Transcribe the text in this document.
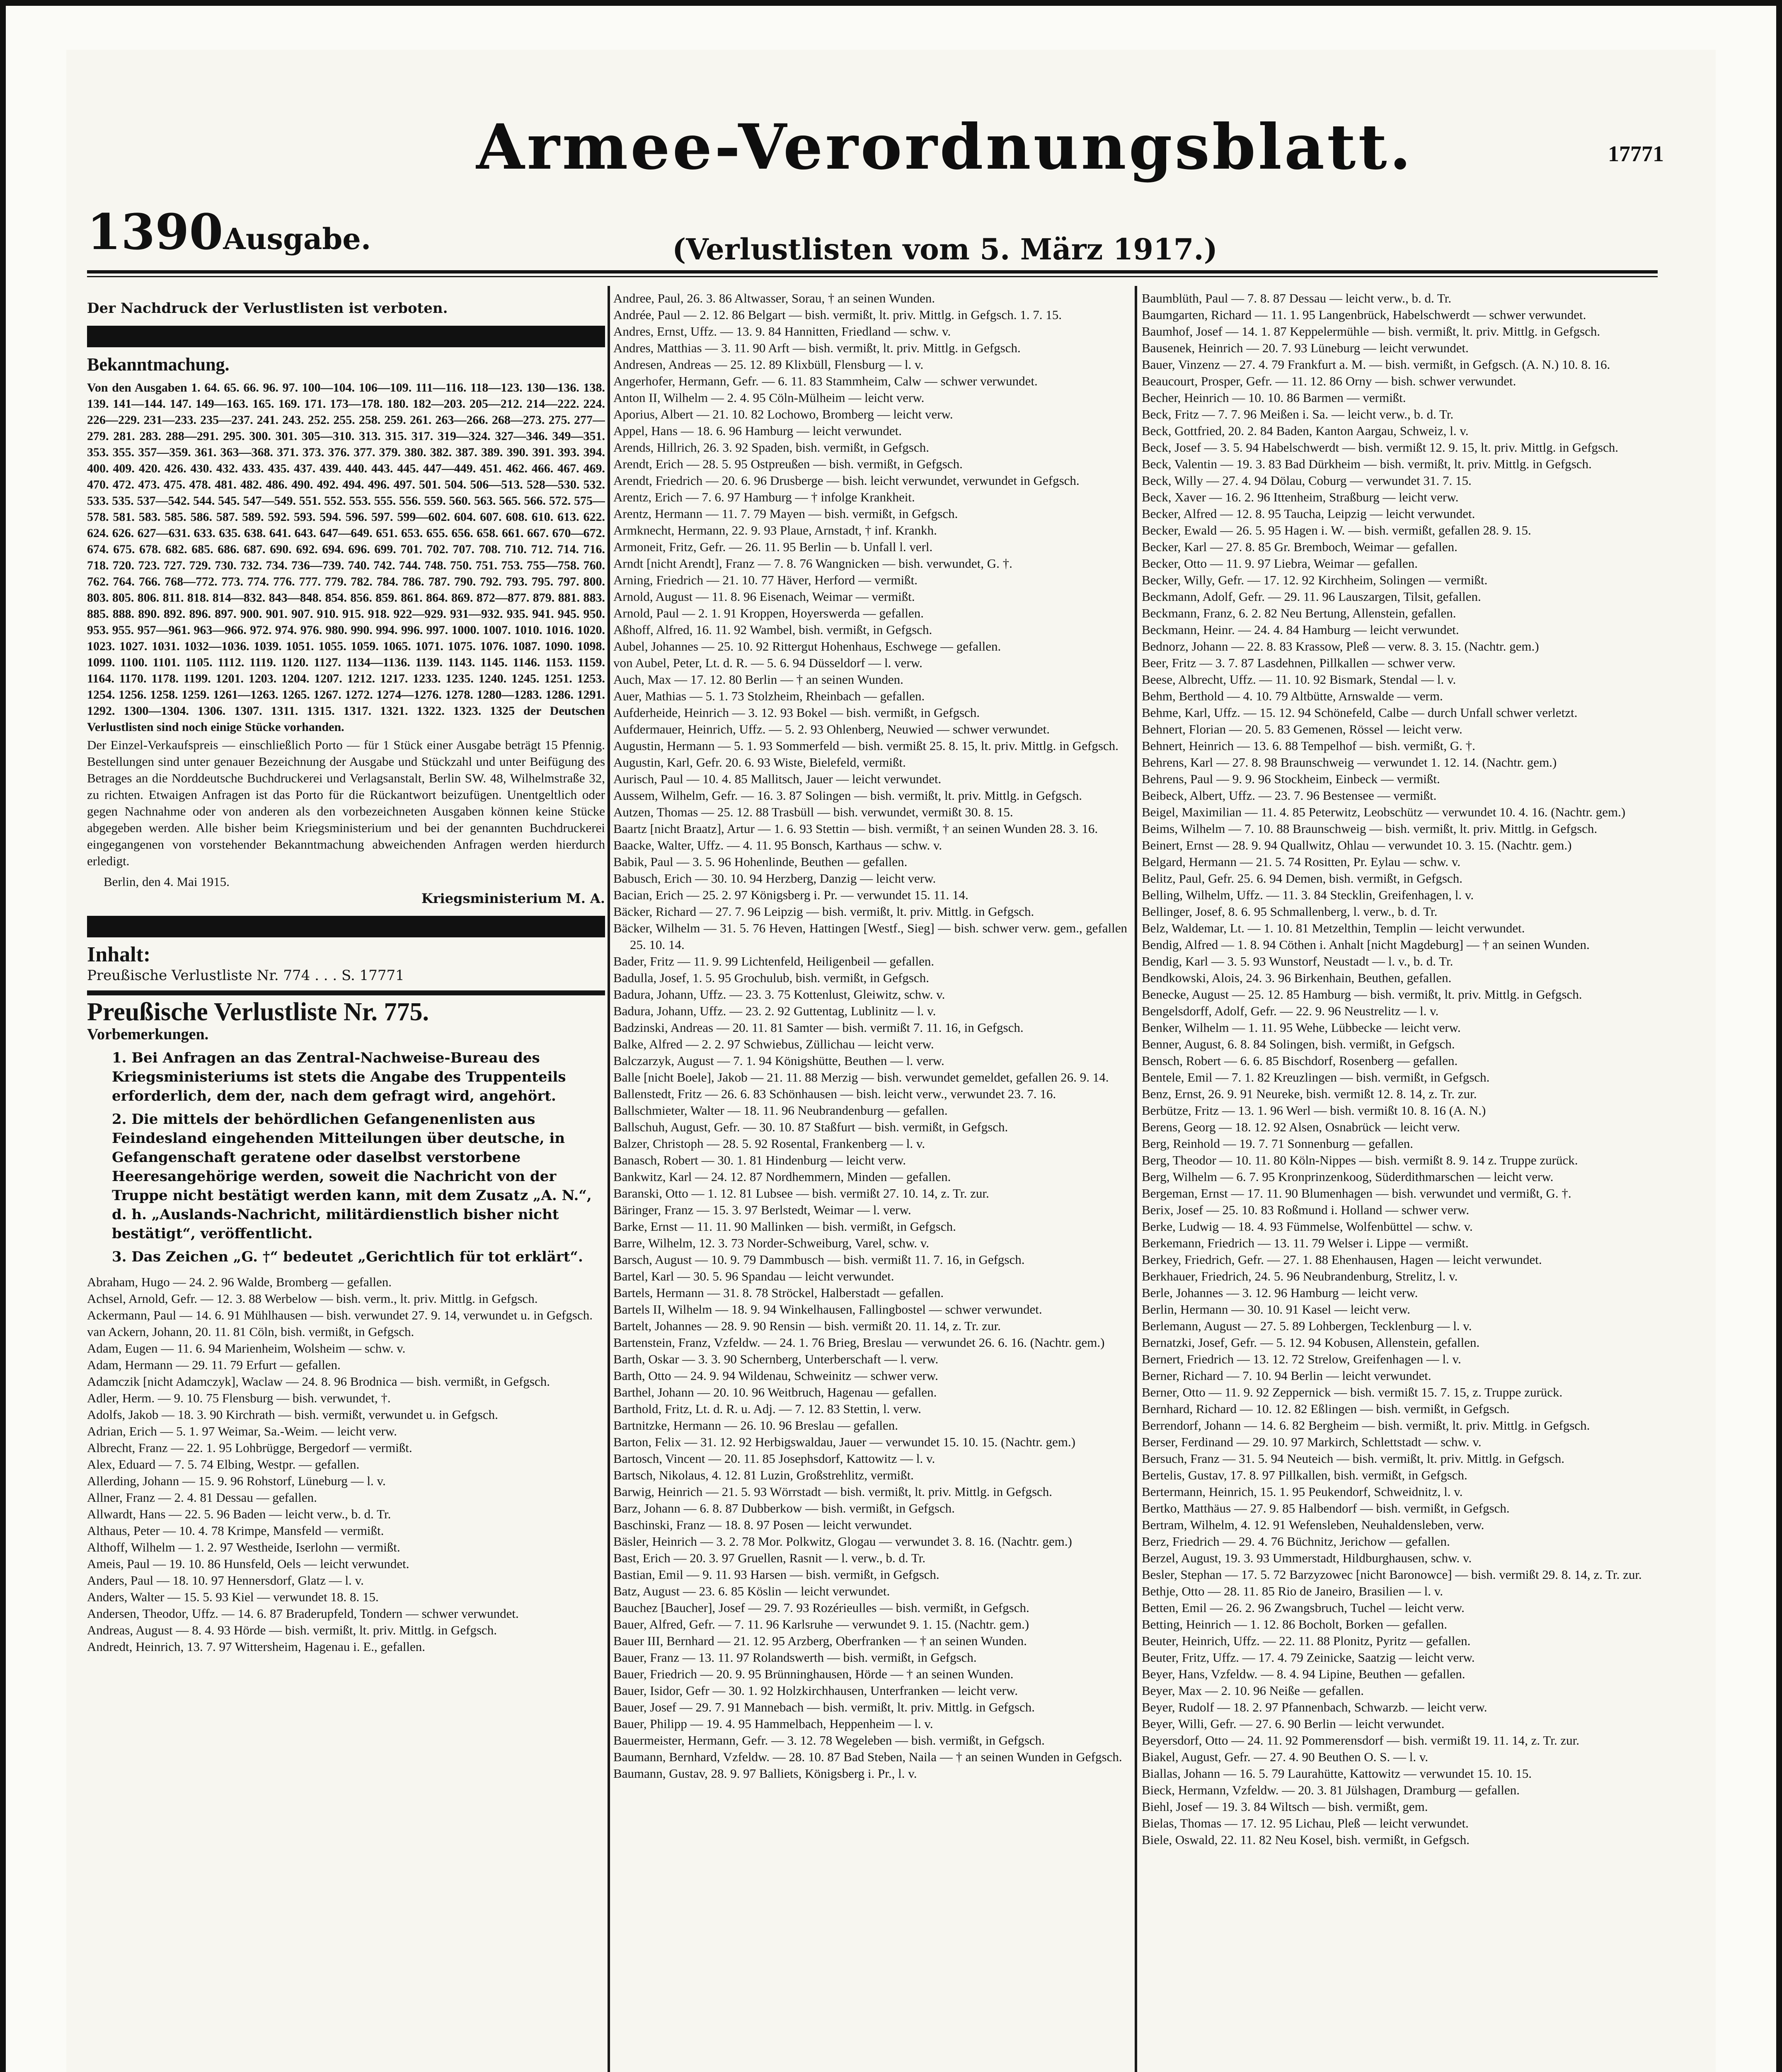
1390Ausgabe.
Armee-Verordnungsblatt.
(Verlustlisten vom 5. März 1917.)
17771

Der Nachdruck der Verlustlisten ist verboten.

Bekanntmachung.

Von den Ausgaben 1. 64. 65. 66. 96. 97. 100—104. 106—109. 111—116. 118—123. 130—136. 138. 139. 141—144. 147. 149—163. 165. 169. 171. 173—178. 180. 182—203. 205—212. 214—222. 224. 226—229. 231—233. 235—237. 241. 243. 252. 255. 258. 259. 261. 263—266. 268—273. 275. 277—279. 281. 283. 288—291. 295. 300. 301. 305—310. 313. 315. 317. 319—324. 327—346. 349—351. 353. 355. 357—359. 361. 363—368. 371. 373. 376. 377. 379. 380. 382. 387. 389. 390. 391. 393. 394. 400. 409. 420. 426. 430. 432. 433. 435. 437. 439. 440. 443. 445. 447—449. 451. 462. 466. 467. 469. 470. 472. 473. 475. 478. 481. 482. 486. 490. 492. 494. 496. 497. 501. 504. 506—513. 528—530. 532. 533. 535. 537—542. 544. 545. 547—549. 551. 552. 553. 555. 556. 559. 560. 563. 565. 566. 572. 575—578. 581. 583. 585. 586. 587. 589. 592. 593. 594. 596. 597. 599—602. 604. 607. 608. 610. 613. 622. 624. 626. 627—631. 633. 635. 638. 641. 643. 647—649. 651. 653. 655. 656. 658. 661. 667. 670—672. 674. 675. 678. 682. 685. 686. 687. 690. 692. 694. 696. 699. 701. 702. 707. 708. 710. 712. 714. 716. 718. 720. 723. 727. 729. 730. 732. 734. 736—739. 740. 742. 744. 748. 750. 751. 753. 755—758. 760. 762. 764. 766. 768—772. 773. 774. 776. 777. 779. 782. 784. 786. 787. 790. 792. 793. 795. 797. 800. 803. 805. 806. 811. 818. 814—832. 843—848. 854. 856. 859. 861. 864. 869. 872—877. 879. 881. 883. 885. 888. 890. 892. 896. 897. 900. 901. 907. 910. 915. 918. 922—929. 931—932. 935. 941. 945. 950. 953. 955. 957—961. 963—966. 972. 974. 976. 980. 990. 994. 996. 997. 1000. 1007. 1010. 1016. 1020. 1023. 1027. 1031. 1032—1036. 1039. 1051. 1055. 1059. 1065. 1071. 1075. 1076. 1087. 1090. 1098. 1099. 1100. 1101. 1105. 1112. 1119. 1120. 1127. 1134—1136. 1139. 1143. 1145. 1146. 1153. 1159. 1164. 1170. 1178. 1199. 1201. 1203. 1204. 1207. 1212. 1217. 1233. 1235. 1240. 1245. 1251. 1253. 1254. 1256. 1258. 1259. 1261—1263. 1265. 1267. 1272. 1274—1276. 1278. 1280—1283. 1286. 1291. 1292. 1300—1304. 1306. 1307. 1311. 1315. 1317. 1321. 1322. 1323. 1325 der Deutschen Verlustlisten sind noch einige Stücke vorhanden.

Der Einzel-Verkaufspreis — einschließlich Porto — für 1 Stück einer Ausgabe beträgt 15 Pfennig. Bestellungen sind unter genauer Bezeichnung der Ausgabe und Stückzahl und unter Beifügung des Betrages an die Norddeutsche Buchdruckerei und Verlagsanstalt, Berlin SW. 48, Wilhelmstraße 32, zu richten. Etwaigen Anfragen ist das Porto für die Rückantwort beizufügen. Unentgeltlich oder gegen Nachnahme oder von anderen als den vorbezeichneten Ausgaben können keine Stücke abgegeben werden. Alle bisher beim Kriegsministerium und bei der genannten Buchdruckerei eingegangenen von vorstehender Bekanntmachung abweichenden Anfragen werden hierdurch erledigt.

Berlin, den 4. Mai 1915.

Kriegsministerium M. A.

Inhalt:

Preußische Verlustliste Nr. 774 . . . S. 17771

Preußische Verlustliste Nr. 775.

Vorbemerkungen.

1. Bei Anfragen an das Zentral-Nachweise-Bureau des Kriegsministeriums ist stets die Angabe des Truppenteils erforderlich, dem der, nach dem gefragt wird, angehört.
2. Die mittels der behördlichen Gefangenenlisten aus Feindesland eingehenden Mitteilungen über deutsche, in Gefangenschaft geratene oder daselbst verstorbene Heeresangehörige werden, soweit die Nachricht von der Truppe nicht bestätigt werden kann, mit dem Zusatz „A. N.“, d. h. „Auslands-Nachricht, militärdienstlich bisher nicht bestätigt“, veröffentlicht.
3. Das Zeichen „G. †“ bedeutet „Gerichtlich für tot erklärt“.

Abraham, Hugo — 24. 2. 96 Walde, Bromberg — gefallen.

Achsel, Arnold, Gefr. — 12. 3. 88 Werbelow — bish. verm., lt. priv. Mittlg. in Gefgsch.

Ackermann, Paul — 14. 6. 91 Mühlhausen — bish. verwundet 27. 9. 14, verwundet u. in Gefgsch.

van Ackern, Johann, 20. 11. 81 Cöln, bish. vermißt, in Gefgsch.

Adam, Eugen — 11. 6. 94 Marienheim, Wolsheim — schw. v.

Adam, Hermann — 29. 11. 79 Erfurt — gefallen.

Adamczik [nicht Adamczyk], Waclaw — 24. 8. 96 Brodnica — bish. vermißt, in Gefgsch.

Adler, Herm. — 9. 10. 75 Flensburg — bish. verwundet, †.

Adolfs, Jakob — 18. 3. 90 Kirchrath — bish. vermißt, verwundet u. in Gefgsch.

Adrian, Erich — 5. 1. 97 Weimar, Sa.-Weim. — leicht verw.

Albrecht, Franz — 22. 1. 95 Lohbrügge, Bergedorf — vermißt.

Alex, Eduard — 7. 5. 74 Elbing, Westpr. — gefallen.

Allerding, Johann — 15. 9. 96 Rohstorf, Lüneburg — l. v.

Allner, Franz — 2. 4. 81 Dessau — gefallen.

Allwardt, Hans — 22. 5. 96 Baden — leicht verw., b. d. Tr.

Althaus, Peter — 10. 4. 78 Krimpe, Mansfeld — vermißt.

Althoff, Wilhelm — 1. 2. 97 Westheide, Iserlohn — vermißt.

Ameis, Paul — 19. 10. 86 Hunsfeld, Oels — leicht verwundet.

Anders, Paul — 18. 10. 97 Hennersdorf, Glatz — l. v.

Anders, Walter — 15. 5. 93 Kiel — verwundet 18. 8. 15.

Andersen, Theodor, Uffz. — 14. 6. 87 Braderupfeld, Tondern — schwer verwundet.

Andreas, August — 8. 4. 93 Hörde — bish. vermißt, lt. priv. Mittlg. in Gefgsch.

Andredt, Heinrich, 13. 7. 97 Wittersheim, Hagenau i. E., gefallen.

Andree, Paul, 26. 3. 86 Altwasser, Sorau, † an seinen Wunden.

Andrée, Paul — 2. 12. 86 Belgart — bish. vermißt, lt. priv. Mittlg. in Gefgsch. 1. 7. 15.

Andres, Ernst, Uffz. — 13. 9. 84 Hannitten, Friedland — schw. v.

Andres, Matthias — 3. 11. 90 Arft — bish. vermißt, lt. priv. Mittlg. in Gefgsch.

Andresen, Andreas — 25. 12. 89 Klixbüll, Flensburg — l. v.

Angerhofer, Hermann, Gefr. — 6. 11. 83 Stammheim, Calw — schwer verwundet.

Anton II, Wilhelm — 2. 4. 95 Cöln-Mülheim — leicht verw.

Aporius, Albert — 21. 10. 82 Lochowo, Bromberg — leicht verw.

Appel, Hans — 18. 6. 96 Hamburg — leicht verwundet.

Arends, Hillrich, 26. 3. 92 Spaden, bish. vermißt, in Gefgsch.

Arendt, Erich — 28. 5. 95 Ostpreußen — bish. vermißt, in Gefgsch.

Arendt, Friedrich — 20. 6. 96 Drusberge — bish. leicht verwundet, verwundet in Gefgsch.

Arentz, Erich — 7. 6. 97 Hamburg — † infolge Krankheit.

Arentz, Hermann — 11. 7. 79 Mayen — bish. vermißt, in Gefgsch.

Armknecht, Hermann, 22. 9. 93 Plaue, Arnstadt, † inf. Krankh.

Armoneit, Fritz, Gefr. — 26. 11. 95 Berlin — b. Unfall l. verl.

Arndt [nicht Arendt], Franz — 7. 8. 76 Wangnicken — bish. verwundet, G. †.

Arning, Friedrich — 21. 10. 77 Häver, Herford — vermißt.

Arnold, August — 11. 8. 96 Eisenach, Weimar — vermißt.

Arnold, Paul — 2. 1. 91 Kroppen, Hoyerswerda — gefallen.

Aßhoff, Alfred, 16. 11. 92 Wambel, bish. vermißt, in Gefgsch.

Aubel, Johannes — 25. 10. 92 Rittergut Hohenhaus, Eschwege — gefallen.

von Aubel, Peter, Lt. d. R. — 5. 6. 94 Düsseldorf — l. verw.

Auch, Max — 17. 12. 80 Berlin — † an seinen Wunden.

Auer, Mathias — 5. 1. 73 Stolzheim, Rheinbach — gefallen.

Aufderheide, Heinrich — 3. 12. 93 Bokel — bish. vermißt, in Gefgsch.

Aufdermauer, Heinrich, Uffz. — 5. 2. 93 Ohlenberg, Neuwied — schwer verwundet.

Augustin, Hermann — 5. 1. 93 Sommerfeld — bish. vermißt 25. 8. 15, lt. priv. Mittlg. in Gefgsch.

Augustin, Karl, Gefr. 20. 6. 93 Wiste, Bielefeld, vermißt.

Aurisch, Paul — 10. 4. 85 Mallitsch, Jauer — leicht verwundet.

Aussem, Wilhelm, Gefr. — 16. 3. 87 Solingen — bish. vermißt, lt. priv. Mittlg. in Gefgsch.

Autzen, Thomas — 25. 12. 88 Trasbüll — bish. verwundet, vermißt 30. 8. 15.

Baartz [nicht Braatz], Artur — 1. 6. 93 Stettin — bish. vermißt, † an seinen Wunden 28. 3. 16.

Baacke, Walter, Uffz. — 4. 11. 95 Bonsch, Karthaus — schw. v.

Babik, Paul — 3. 5. 96 Hohenlinde, Beuthen — gefallen.

Babusch, Erich — 30. 10. 94 Herzberg, Danzig — leicht verw.

Bacian, Erich — 25. 2. 97 Königsberg i. Pr. — verwundet 15. 11. 14.

Bäcker, Richard — 27. 7. 96 Leipzig — bish. vermißt, lt. priv. Mittlg. in Gefgsch.

Bäcker, Wilhelm — 31. 5. 76 Heven, Hattingen [Westf., Sieg] — bish. schwer verw. gem., gefallen 25. 10. 14.

Bader, Fritz — 11. 9. 99 Lichtenfeld, Heiligenbeil — gefallen.

Badulla, Josef, 1. 5. 95 Grochulub, bish. vermißt, in Gefgsch.

Badura, Johann, Uffz. — 23. 3. 75 Kottenlust, Gleiwitz, schw. v.

Badura, Johann, Uffz. — 23. 2. 92 Guttentag, Lublinitz — l. v.

Badzinski, Andreas — 20. 11. 81 Samter — bish. vermißt 7. 11. 16, in Gefgsch.

Balke, Alfred — 2. 2. 97 Schwiebus, Züllichau — leicht verw.

Balczarzyk, August — 7. 1. 94 Königshütte, Beuthen — l. verw.

Balle [nicht Boele], Jakob — 21. 11. 88 Merzig — bish. verwundet gemeldet, gefallen 26. 9. 14.

Ballenstedt, Fritz — 26. 6. 83 Schönhausen — bish. leicht verw., verwundet 23. 7. 16.

Ballschmieter, Walter — 18. 11. 96 Neubrandenburg — gefallen.

Ballschuh, August, Gefr. — 30. 10. 87 Staßfurt — bish. vermißt, in Gefgsch.

Balzer, Christoph — 28. 5. 92 Rosental, Frankenberg — l. v.

Banasch, Robert — 30. 1. 81 Hindenburg — leicht verw.

Bankwitz, Karl — 24. 12. 87 Nordhemmern, Minden — gefallen.

Baranski, Otto — 1. 12. 81 Lubsee — bish. vermißt 27. 10. 14, z. Tr. zur.

Bäringer, Franz — 15. 3. 97 Berlstedt, Weimar — l. verw.

Barke, Ernst — 11. 11. 90 Mallinken — bish. vermißt, in Gefgsch.

Barre, Wilhelm, 12. 3. 73 Norder-Schweiburg, Varel, schw. v.

Barsch, August — 10. 9. 79 Dammbusch — bish. vermißt 11. 7. 16, in Gefgsch.

Bartel, Karl — 30. 5. 96 Spandau — leicht verwundet.

Bartels, Hermann — 31. 8. 78 Ströckel, Halberstadt — gefallen.

Bartels II, Wilhelm — 18. 9. 94 Winkelhausen, Fallingbostel — schwer verwundet.

Bartelt, Johannes — 28. 9. 90 Rensin — bish. vermißt 20. 11. 14, z. Tr. zur.

Bartenstein, Franz, Vzfeldw. — 24. 1. 76 Brieg, Breslau — verwundet 26. 6. 16. (Nachtr. gem.)

Barth, Oskar — 3. 3. 90 Schernberg, Unterberschaft — l. verw.

Barth, Otto — 24. 9. 94 Wildenau, Schweinitz — schwer verw.

Barthel, Johann — 20. 10. 96 Weitbruch, Hagenau — gefallen.

Barthold, Fritz, Lt. d. R. u. Adj. — 7. 12. 83 Stettin, l. verw.

Bartnitzke, Hermann — 26. 10. 96 Breslau — gefallen.

Barton, Felix — 31. 12. 92 Herbigswaldau, Jauer — verwundet 15. 10. 15. (Nachtr. gem.)

Bartosch, Vincent — 20. 11. 85 Josephsdorf, Kattowitz — l. v.

Bartsch, Nikolaus, 4. 12. 81 Luzin, Großstrehlitz, vermißt.

Barwig, Heinrich — 21. 5. 93 Wörrstadt — bish. vermißt, lt. priv. Mittlg. in Gefgsch.

Barz, Johann — 6. 8. 87 Dubberkow — bish. vermißt, in Gefgsch.

Baschinski, Franz — 18. 8. 97 Posen — leicht verwundet.

Bäsler, Heinrich — 3. 2. 78 Mor. Polkwitz, Glogau — verwundet 3. 8. 16. (Nachtr. gem.)

Bast, Erich — 20. 3. 97 Gruellen, Rasnit — l. verw., b. d. Tr.

Bastian, Emil — 9. 11. 93 Harsen — bish. vermißt, in Gefgsch.

Batz, August — 23. 6. 85 Köslin — leicht verwundet.

Bauchez [Baucher], Josef — 29. 7. 93 Rozérieulles — bish. vermißt, in Gefgsch.

Bauer, Alfred, Gefr. — 7. 11. 96 Karlsruhe — verwundet 9. 1. 15. (Nachtr. gem.)

Bauer III, Bernhard — 21. 12. 95 Arzberg, Oberfranken — † an seinen Wunden.

Bauer, Franz — 13. 11. 97 Rolandswerth — bish. vermißt, in Gefgsch.

Bauer, Friedrich — 20. 9. 95 Brünninghausen, Hörde — † an seinen Wunden.

Bauer, Isidor, Gefr — 30. 1. 92 Holzkirchhausen, Unterfranken — leicht verw.

Bauer, Josef — 29. 7. 91 Mannebach — bish. vermißt, lt. priv. Mittlg. in Gefgsch.

Bauer, Philipp — 19. 4. 95 Hammelbach, Heppenheim — l. v.

Bauermeister, Hermann, Gefr. — 3. 12. 78 Wegeleben — bish. vermißt, in Gefgsch.

Baumann, Bernhard, Vzfeldw. — 28. 10. 87 Bad Steben, Naila — † an seinen Wunden in Gefgsch.

Baumann, Gustav, 28. 9. 97 Balliets, Königsberg i. Pr., l. v.

Baumblüth, Paul — 7. 8. 87 Dessau — leicht verw., b. d. Tr.

Baumgarten, Richard — 11. 1. 95 Langenbrück, Habelschwerdt — schwer verwundet.

Baumhof, Josef — 14. 1. 87 Keppelermühle — bish. vermißt, lt. priv. Mittlg. in Gefgsch.

Bausenek, Heinrich — 20. 7. 93 Lüneburg — leicht verwundet.

Bauer, Vinzenz — 27. 4. 79 Frankfurt a. M. — bish. vermißt, in Gefgsch. (A. N.) 10. 8. 16.

Beaucourt, Prosper, Gefr. — 11. 12. 86 Orny — bish. schwer verwundet.

Becher, Heinrich — 10. 10. 86 Barmen — vermißt.

Beck, Fritz — 7. 7. 96 Meißen i. Sa. — leicht verw., b. d. Tr.

Beck, Gottfried, 20. 2. 84 Baden, Kanton Aargau, Schweiz, l. v.

Beck, Josef — 3. 5. 94 Habelschwerdt — bish. vermißt 12. 9. 15, lt. priv. Mittlg. in Gefgsch.

Beck, Valentin — 19. 3. 83 Bad Dürkheim — bish. vermißt, lt. priv. Mittlg. in Gefgsch.

Beck, Willy — 27. 4. 94 Dölau, Coburg — verwundet 31. 7. 15.

Beck, Xaver — 16. 2. 96 Ittenheim, Straßburg — leicht verw.

Becker, Alfred — 12. 8. 95 Taucha, Leipzig — leicht verwundet.

Becker, Ewald — 26. 5. 95 Hagen i. W. — bish. vermißt, gefallen 28. 9. 15.

Becker, Karl — 27. 8. 85 Gr. Bremboch, Weimar — gefallen.

Becker, Otto — 11. 9. 97 Liebra, Weimar — gefallen.

Becker, Willy, Gefr. — 17. 12. 92 Kirchheim, Solingen — vermißt.

Beckmann, Adolf, Gefr. — 29. 11. 96 Lauszargen, Tilsit, gefallen.

Beckmann, Franz, 6. 2. 82 Neu Bertung, Allenstein, gefallen.

Beckmann, Heinr. — 24. 4. 84 Hamburg — leicht verwundet.

Bednorz, Johann — 22. 8. 83 Krassow, Pleß — verw. 8. 3. 15. (Nachtr. gem.)

Beer, Fritz — 3. 7. 87 Lasdehnen, Pillkallen — schwer verw.

Beese, Albrecht, Uffz. — 11. 10. 92 Bismark, Stendal — l. v.

Behm, Berthold — 4. 10. 79 Altbütte, Arnswalde — verm.

Behme, Karl, Uffz. — 15. 12. 94 Schönefeld, Calbe — durch Unfall schwer verletzt.

Behnert, Florian — 20. 5. 83 Gemenen, Rössel — leicht verw.

Behnert, Heinrich — 13. 6. 88 Tempelhof — bish. vermißt, G. †.

Behrens, Karl — 27. 8. 98 Braunschweig — verwundet 1. 12. 14. (Nachtr. gem.)

Behrens, Paul — 9. 9. 96 Stockheim, Einbeck — vermißt.

Beibeck, Albert, Uffz. — 23. 7. 96 Bestensee — vermißt.

Beigel, Maximilian — 11. 4. 85 Peterwitz, Leobschütz — verwundet 10. 4. 16. (Nachtr. gem.)

Beims, Wilhelm — 7. 10. 88 Braunschweig — bish. vermißt, lt. priv. Mittlg. in Gefgsch.

Beinert, Ernst — 28. 9. 94 Quallwitz, Ohlau — verwundet 10. 3. 15. (Nachtr. gem.)

Belgard, Hermann — 21. 5. 74 Rositten, Pr. Eylau — schw. v.

Belitz, Paul, Gefr. 25. 6. 94 Demen, bish. vermißt, in Gefgsch.

Belling, Wilhelm, Uffz. — 11. 3. 84 Stecklin, Greifenhagen, l. v.

Bellinger, Josef, 8. 6. 95 Schmallenberg, l. verw., b. d. Tr.

Belz, Waldemar, Lt. — 1. 10. 81 Metzelthin, Templin — leicht verwundet.

Bendig, Alfred — 1. 8. 94 Cöthen i. Anhalt [nicht Magdeburg] — † an seinen Wunden.

Bendig, Karl — 3. 5. 93 Wunstorf, Neustadt — l. v., b. d. Tr.

Bendkowski, Alois, 24. 3. 96 Birkenhain, Beuthen, gefallen.

Benecke, August — 25. 12. 85 Hamburg — bish. vermißt, lt. priv. Mittlg. in Gefgsch.

Bengelsdorff, Adolf, Gefr. — 22. 9. 96 Neustrelitz — l. v.

Benker, Wilhelm — 1. 11. 95 Wehe, Lübbecke — leicht verw.

Benner, August, 6. 8. 84 Solingen, bish. vermißt, in Gefgsch.

Bensch, Robert — 6. 6. 85 Bischdorf, Rosenberg — gefallen.

Bentele, Emil — 7. 1. 82 Kreuzlingen — bish. vermißt, in Gefgsch.

Benz, Ernst, 26. 9. 91 Neureke, bish. vermißt 12. 8. 14, z. Tr. zur.

Berbütze, Fritz — 13. 1. 96 Werl — bish. vermißt 10. 8. 16 (A. N.)

Berens, Georg — 18. 12. 92 Alsen, Osnabrück — leicht verw.

Berg, Reinhold — 19. 7. 71 Sonnenburg — gefallen.

Berg, Theodor — 10. 11. 80 Köln-Nippes — bish. vermißt 8. 9. 14 z. Truppe zurück.

Berg, Wilhelm — 6. 7. 95 Kronprinzenkoog, Süderdithmarschen — leicht verw.

Bergeman, Ernst — 17. 11. 90 Blumenhagen — bish. verwundet und vermißt, G. †.

Berix, Josef — 25. 10. 83 Roßmund i. Holland — schwer verw.

Berke, Ludwig — 18. 4. 93 Fümmelse, Wolfenbüttel — schw. v.

Berkemann, Friedrich — 13. 11. 79 Welser i. Lippe — vermißt.

Berkey, Friedrich, Gefr. — 27. 1. 88 Ehenhausen, Hagen — leicht verwundet.

Berkhauer, Friedrich, 24. 5. 96 Neubrandenburg, Strelitz, l. v.

Berle, Johannes — 3. 12. 96 Hamburg — leicht verw.

Berlin, Hermann — 30. 10. 91 Kasel — leicht verw.

Berlemann, August — 27. 5. 89 Lohbergen, Tecklenburg — l. v.

Bernatzki, Josef, Gefr. — 5. 12. 94 Kobusen, Allenstein, gefallen.

Bernert, Friedrich — 13. 12. 72 Strelow, Greifenhagen — l. v.

Berner, Richard — 7. 10. 94 Berlin — leicht verwundet.

Berner, Otto — 11. 9. 92 Zeppernick — bish. vermißt 15. 7. 15, z. Truppe zurück.

Bernhard, Richard — 10. 12. 82 Eßlingen — bish. vermißt, in Gefgsch.

Berrendorf, Johann — 14. 6. 82 Bergheim — bish. vermißt, lt. priv. Mittlg. in Gefgsch.

Berser, Ferdinand — 29. 10. 97 Markirch, Schlettstadt — schw. v.

Bersuch, Franz — 31. 5. 94 Neuteich — bish. vermißt, lt. priv. Mittlg. in Gefgsch.

Bertelis, Gustav, 17. 8. 97 Pillkallen, bish. vermißt, in Gefgsch.

Bertermann, Heinrich, 15. 1. 95 Peukendorf, Schweidnitz, l. v.

Bertko, Matthäus — 27. 9. 85 Halbendorf — bish. vermißt, in Gefgsch.

Bertram, Wilhelm, 4. 12. 91 Wefensleben, Neuhaldensleben, verw.

Berz, Friedrich — 29. 4. 76 Büchnitz, Jerichow — gefallen.

Berzel, August, 19. 3. 93 Ummerstadt, Hildburghausen, schw. v.

Besler, Stephan — 17. 5. 72 Barzyzowec [nicht Baronowce] — bish. vermißt 29. 8. 14, z. Tr. zur.

Bethje, Otto — 28. 11. 85 Rio de Janeiro, Brasilien — l. v.

Betten, Emil — 26. 2. 96 Zwangsbruch, Tuchel — leicht verw.

Betting, Heinrich — 1. 12. 86 Bocholt, Borken — gefallen.

Beuter, Heinrich, Uffz. — 22. 11. 88 Plonitz, Pyritz — gefallen.

Beuter, Fritz, Uffz. — 17. 4. 79 Zeinicke, Saatzig — leicht verw.

Beyer, Hans, Vzfeldw. — 8. 4. 94 Lipine, Beuthen — gefallen.

Beyer, Max — 2. 10. 96 Neiße — gefallen.

Beyer, Rudolf — 18. 2. 97 Pfannenbach, Schwarzb. — leicht verw.

Beyer, Willi, Gefr. — 27. 6. 90 Berlin — leicht verwundet.

Beyersdorf, Otto — 24. 11. 92 Pommerensdorf — bish. vermißt 19. 11. 14, z. Tr. zur.

Biakel, August, Gefr. — 27. 4. 90 Beuthen O. S. — l. v.

Biallas, Johann — 16. 5. 79 Laurahütte, Kattowitz — verwundet 15. 10. 15.

Bieck, Hermann, Vzfeldw. — 20. 3. 81 Jülshagen, Dramburg — gefallen.

Biehl, Josef — 19. 3. 84 Wiltsch — bish. vermißt, gem.

Bielas, Thomas — 17. 12. 95 Lichau, Pleß — leicht verwundet.

Biele, Oswald, 22. 11. 82 Neu Kosel, bish. vermißt, in Gefgsch.
